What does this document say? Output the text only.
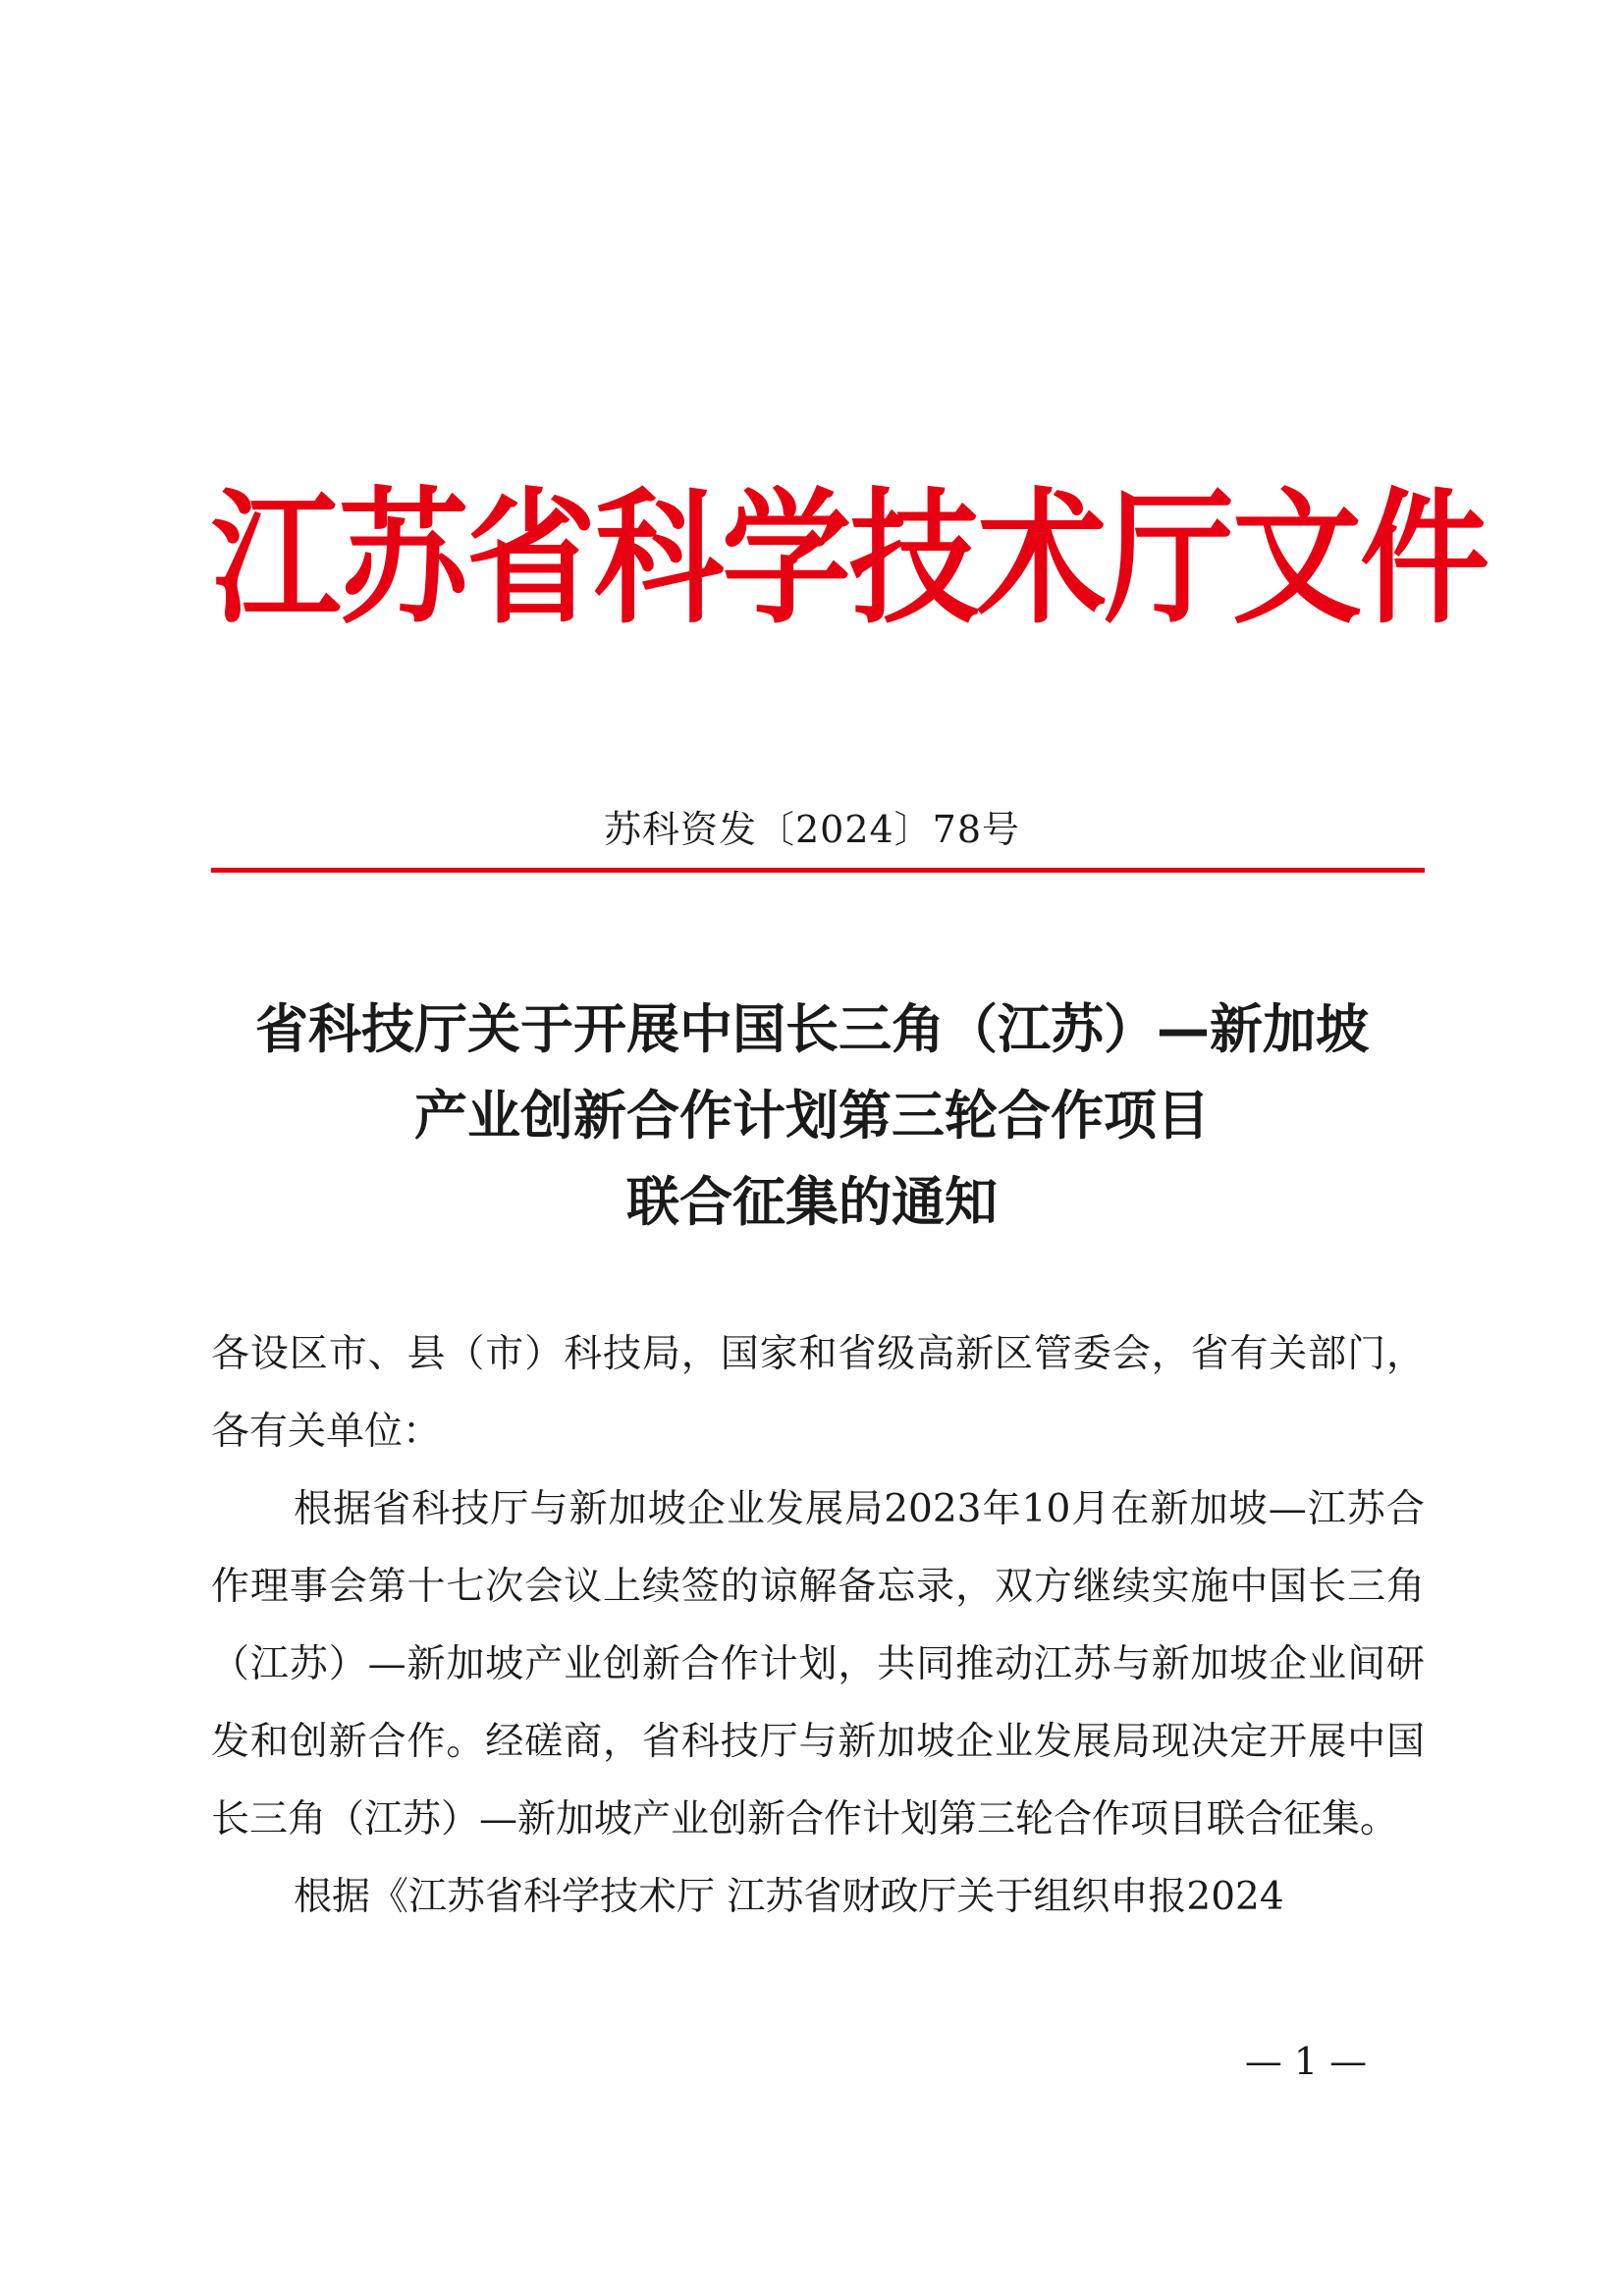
江苏省科学技术厅文件
苏科资发〔2024〕78号
省科技厅关于开展中国长三角（江苏）—新加坡
产业创新合作计划第三轮合作项目
联合征集的通知

各设区市、县（市）科技局，国家和省级高新区管委会，省有关部门，各有关单位：

根据省科技厅与新加坡企业发展局2023年10月在新加坡—江苏合作理事会第十七次会议上续签的谅解备忘录，双方继续实施中国长三角（江苏）—新加坡产业创新合作计划，共同推动江苏与新加坡企业间研发和创新合作。经磋商，省科技厅与新加坡企业发展局现决定开展中国长三角（江苏）—新加坡产业创新合作计划第三轮合作项目联合征集。

根据《江苏省科学技术厅 江苏省财政厅关于组织申报2024

— 1 —
